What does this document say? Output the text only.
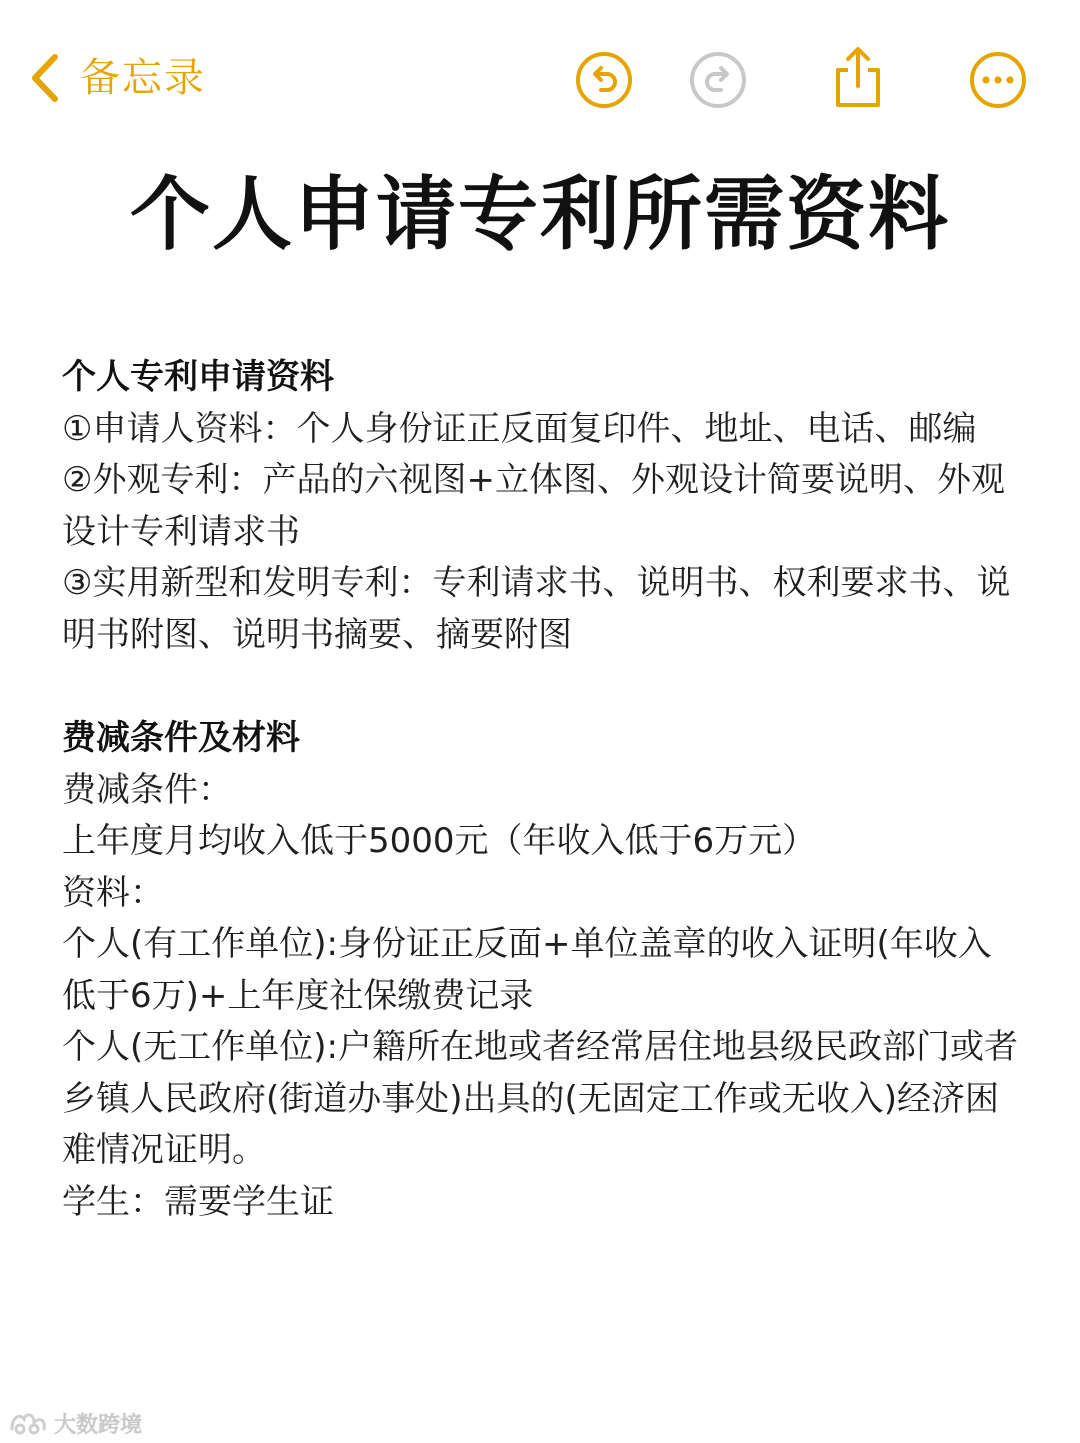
备忘录
个人申请专利所需资料

个人专利申请资料

①申请人资料：个人身份证正反面复印件、地址、电话、邮编

②外观专利：产品的六视图+立体图、外观设计简要说明、外观设计专利请求书

③实用新型和发明专利：专利请求书、说明书、权利要求书、说明书附图、说明书摘要、摘要附图

费减条件及材料

费减条件：

上年度月均收入低于5000元（年收入低于6万元）

资料：

个人(有工作单位):身份证正反面+单位盖章的收入证明(年收入低于6万)+上年度社保缴费记录

个人(无工作单位):户籍所在地或者经常居住地县级民政部门或者乡镇人民政府(街道办事处)出具的(无固定工作或无收入)经济困难情况证明。

学生：需要学生证

大数跨境
